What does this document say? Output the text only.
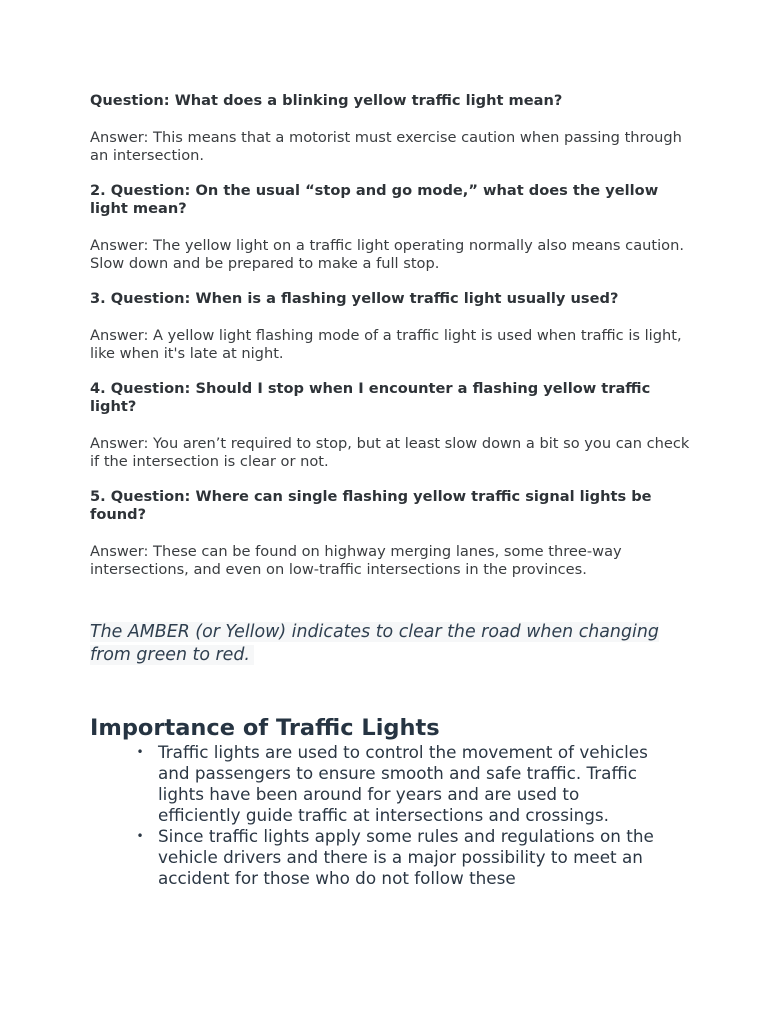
Question: What does a blinking yellow traffic light mean?

Answer: This means that a motorist must exercise caution when passing through an intersection.

2. Question: On the usual “stop and go mode,” what does the yellow light mean?

Answer: The yellow light on a traffic light operating normally also means caution. Slow down and be prepared to make a full stop.

3. Question: When is a flashing yellow traffic light usually used?

Answer: A yellow light flashing mode of a traffic light is used when traffic is light, like when it's late at night.

4. Question: Should I stop when I encounter a flashing yellow traffic light?

Answer: You aren’t required to stop, but at least slow down a bit so you can check if the intersection is clear or not.

5. Question: Where can single flashing yellow traffic signal lights be found?

Answer: These can be found on highway merging lanes, some three-way intersections, and even on low-traffic intersections in the provinces.

The AMBER (or Yellow) indicates to clear the road when changing from green to red.

Importance of Traffic Lights
• Traffic lights are used to control the movement of vehicles and passengers to ensure smooth and safe traffic. Traffic lights have been around for years and are used to efficiently guide traffic at intersections and crossings.
• Since traffic lights apply some rules and regulations on the vehicle drivers and there is a major possibility to meet an accident for those who do not follow these
